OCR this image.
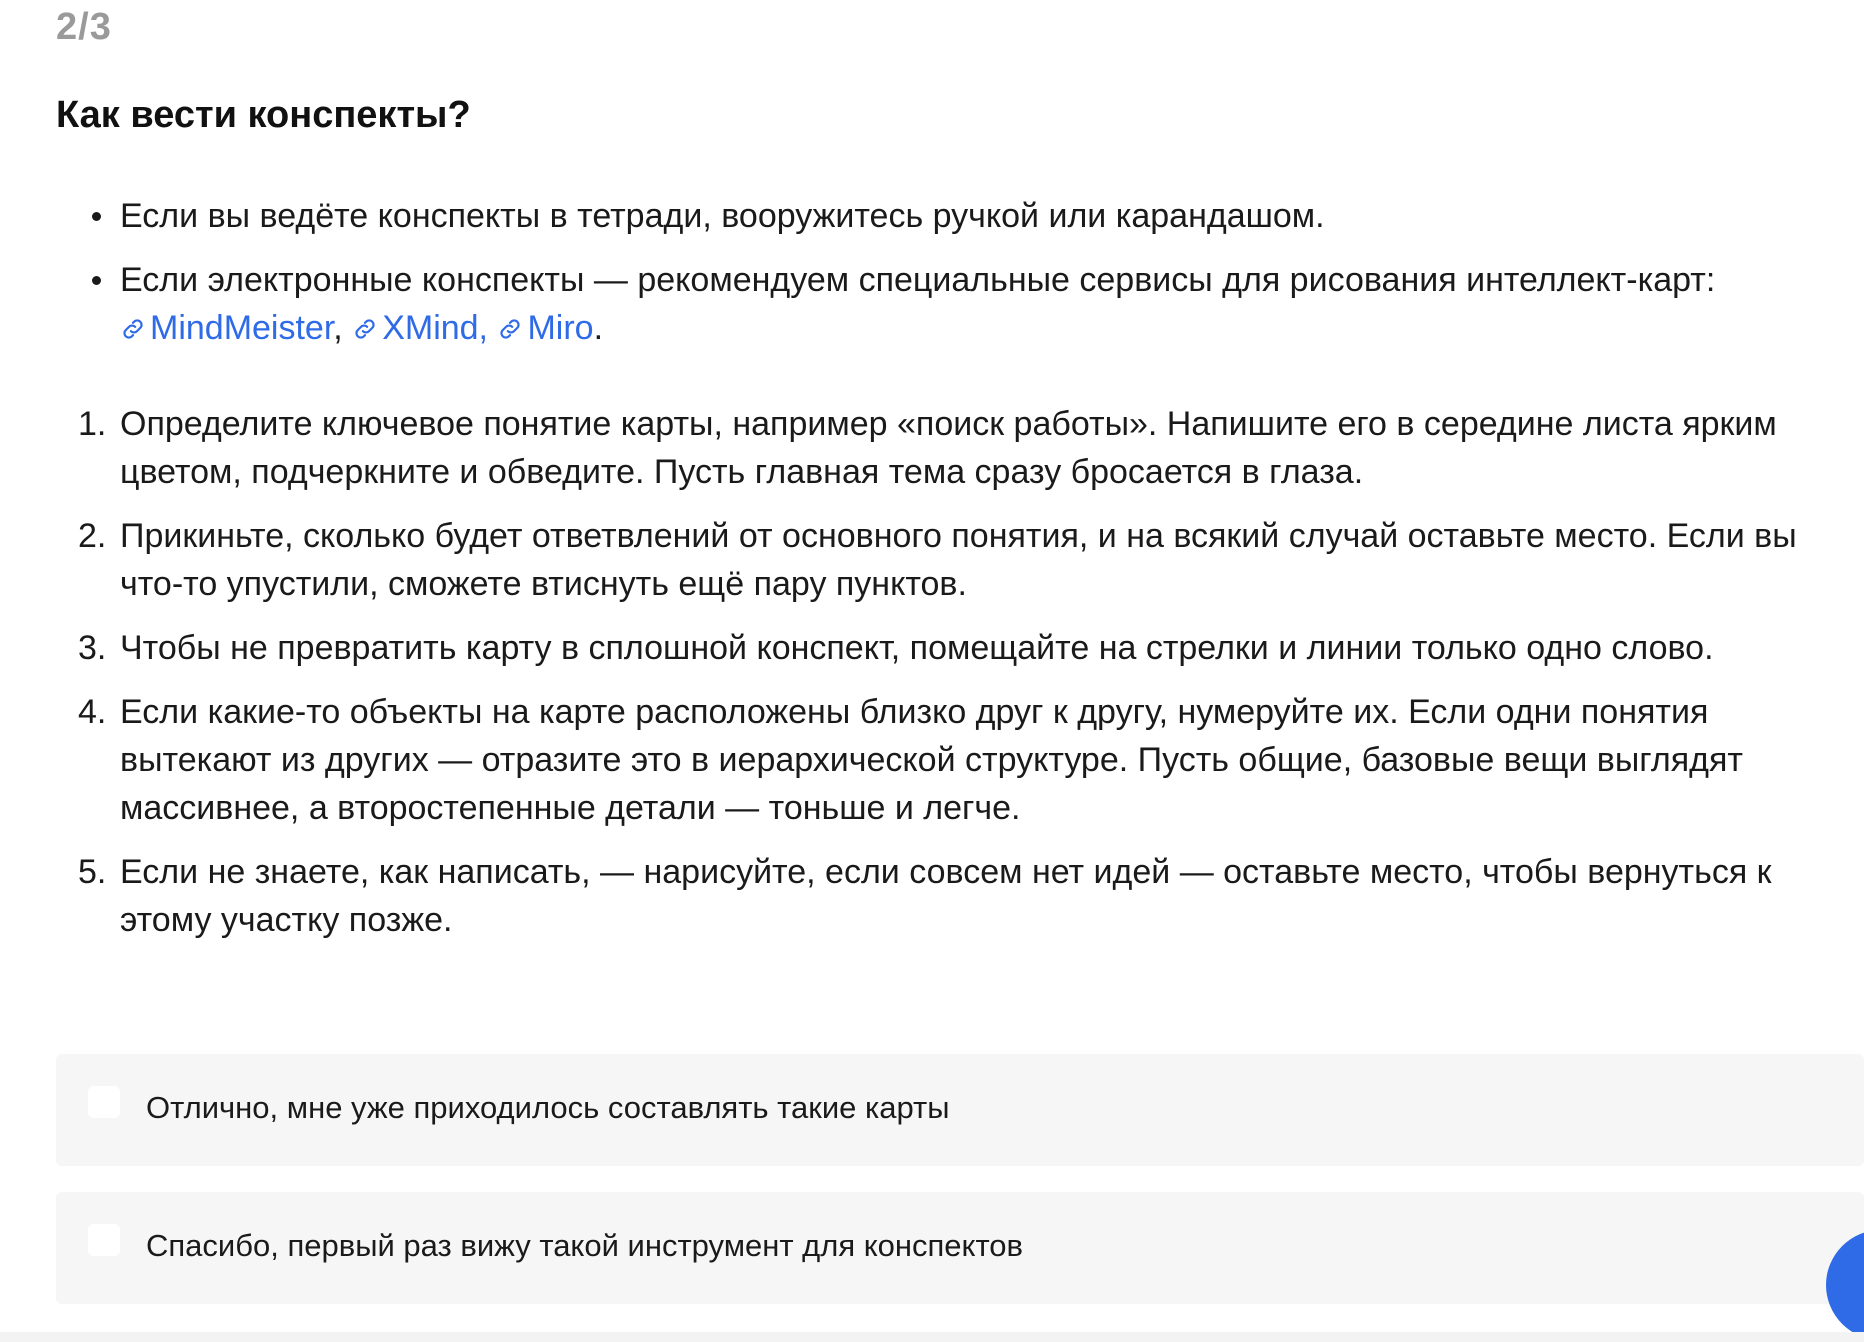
2/3
Как вести конспекты?
Если вы ведёте конспекты в тетради, вооружитесь ручкой или карандашом.
Если электронные конспекты — рекомендуем специальные сервисы для рисования интеллект-карт: MindMeister, XMind, Miro.
1. Определите ключевое понятие карты, например «поиск работы». Напишите его в середине листа ярким цветом, подчеркните и обведите. Пусть главная тема сразу бросается в глаза.
2. Прикиньте, сколько будет ответвлений от основного понятия, и на всякий случай оставьте место. Если вы что-то упустили, сможете втиснуть ещё пару пунктов.
3. Чтобы не превратить карту в сплошной конспект, помещайте на стрелки и линии только одно слово.
4. Если какие-то объекты на карте расположены близко друг к другу, нумеруйте их. Если одни понятия вытекают из других — отразите это в иерархической структуре. Пусть общие, базовые вещи выглядят массивнее, а второстепенные детали — тоньше и легче.
5. Если не знаете, как написать, — нарисуйте, если совсем нет идей — оставьте место, чтобы вернуться к этому участку позже.
Отлично, мне уже приходилось составлять такие карты
Спасибо, первый раз вижу такой инструмент для конспектов
